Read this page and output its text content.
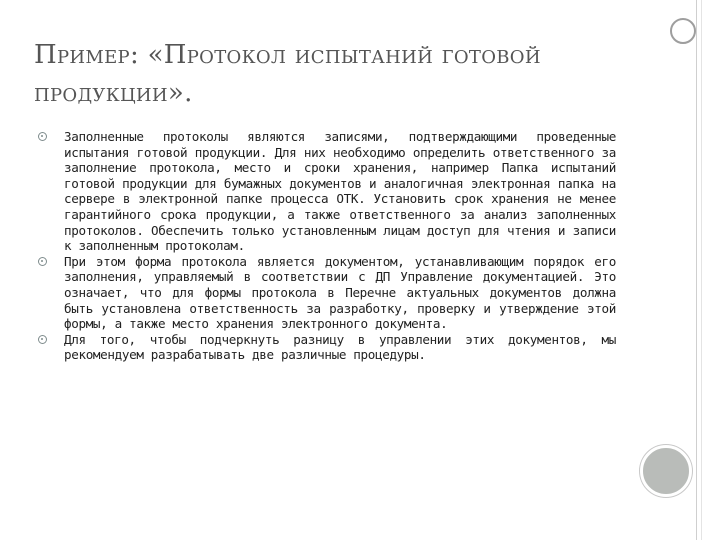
Пример: «Протокол испытаний готовой
продукции».

Заполненные протоколы являются записями, подтверждающими проведенные испытания готовой продукции. Для них необходимо определить ответственного за заполнение протокола, место и сроки хранения, например Папка испытаний готовой продукции для бумажных документов и аналогичная электронная папка на сервере в электронной папке процесса ОТК. Установить срок хранения не менее гарантийного срока продукции, а также ответственного за анализ заполненных протоколов. Обеспечить только установленным лицам доступ для чтения и записи к заполненным протоколам.

При этом форма протокола является документом, устанавливающим порядок его заполнения, управляемый в соответствии с ДП Управление документацией. Это означает, что для формы протокола в Перечне актуальных документов должна быть установлена ответственность за разработку, проверку и утверждение этой формы, а также место хранения электронного документа.

Для того, чтобы подчеркнуть разницу в управлении этих документов, мы рекомендуем разрабатывать две различные процедуры.
